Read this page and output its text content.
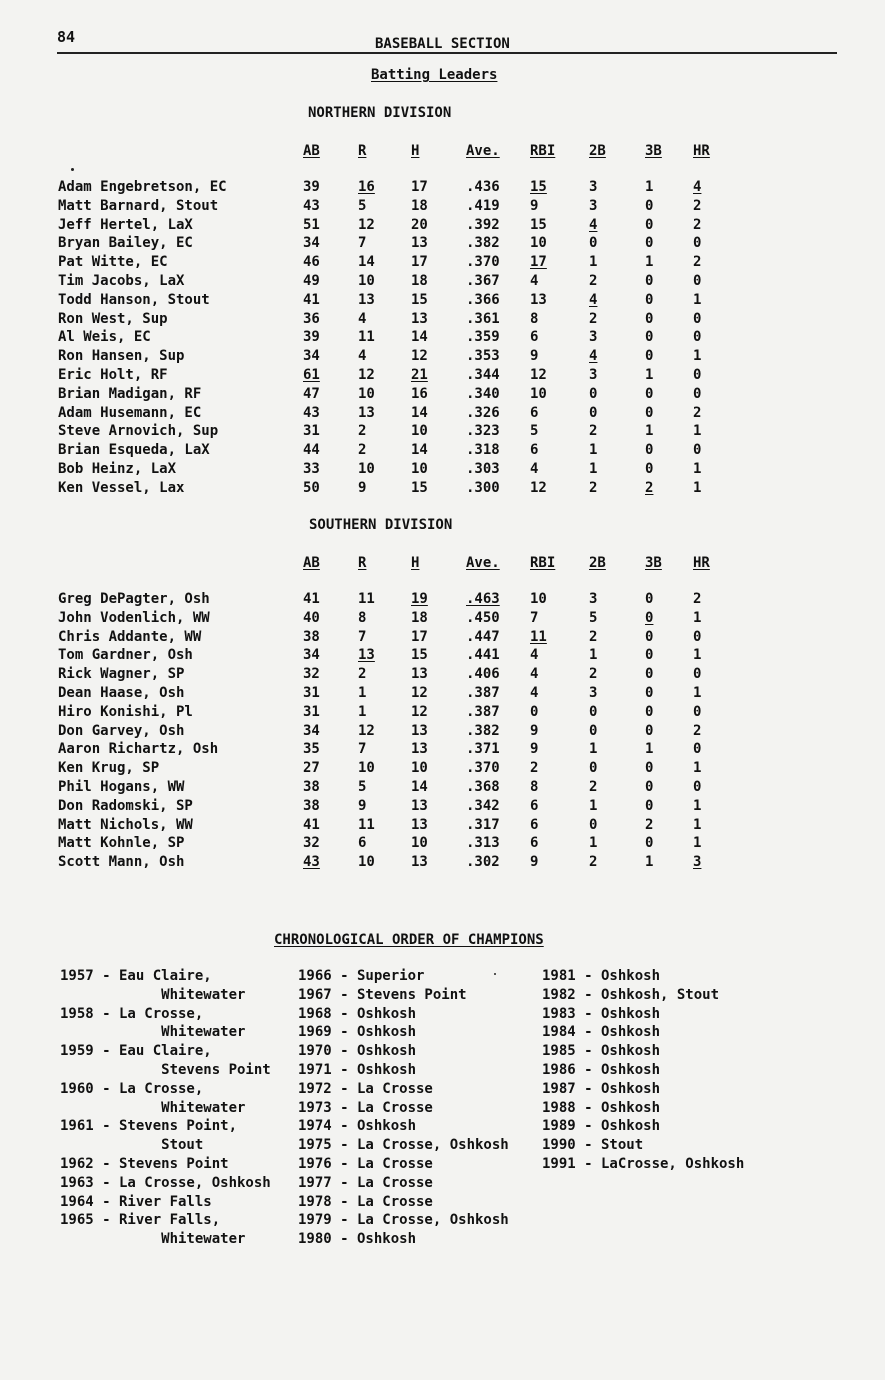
84	BASEBALL SECTION
Batting Leaders
NORTHERN DIVISION
AB	R	H	Ave. RBI 2B	3B HR
Adam Engebretson, EC	39	16	17	.436 15	3	1	4
Matt Barnard, Stout	43	5	18	.419 9	3	0	2
Jeff Hertel, LaX	51	12	20	.392 15	4	0	2
Bryan Bailey, EC	34	7	13	.382 10	0	0	0
Pat Witte, EC	46	14	17	.370 17	1	1	2
Tim Jacobs, LaX	49	10	18	.367 4	2	0	0
Todd Hanson, Stout	41	13	15	.366 13	4	0	1
Ron West, Sup	36	4	13	.361 8	2	0	0
Al Weis, EC	39	11	14	.359 6	3	0	0
Ron Hansen, Sup	34	4	12	.353 9	4	0	1
Eric Holt, RF	61	12	21	.344 12	3	1	0
Brian Madigan, RF	47	10	16	.340 10	0	0	0
Adam Husemann, EC	43	13	14	.326 6	0	0	2
Steve Arnovich, Sup	31	2	10	.323 5	2	1	1
Brian Esqueda, LaX	44	2	14	.318 6	1	0	0
Bob Heinz, LaX	33	10	10	.303 4	1	0	1
Ken Vessel, Lax	50	9	15	.300 12	2	2	1
SOUTHERN DIVISION
AB	R	H	Ave. RBI 2B	3B HR
Greg DePagter, Osh	41	11	19	.463 10	3	0	2
John Vodenlich, WW	40	8	18	.450 7	5	0	1
Chris Addante, WW	38	7	17	.447 11	2	0	0
Tom Gardner, Osh	34	13	15	.441 4	1	0	1
Rick Wagner, SP	32	2	13	.406 4	2	0	0
Dean Haase, Osh	31	1	12	.387 4	3	0	1
Hiro Konishi, Pl	31	1	12	.387 0	0	0	0
Don Garvey, Osh	34	12	13	.382 9	0	0	2
Aaron Richartz, Osh	35	7	13	.371 9	1	1	0
Ken Krug, SP	27	10	10	.370 2	0	0	1
Phil Hogans, WW	38	5	14	.368 8	2	0	0
Don Radomski, SP	38	9	13	.342 6	1	0	1
Matt Nichols, WW	41	11	13	.317 6	0	2	1
Matt Kohnle, SP	32	6	10	.313 6	1	0	1
Scott Mann, Osh	43	10	13	.302 9	2	1	3
CHRONOLOGICAL ORDER OF CHAMPIONS
1957 - Eau Claire,
Whitewater
1958 - La Crosse,
Whitewater
1959 - Eau Claire,
Stevens Point
1960 - La Crosse,
Whitewater
1961 - Stevens Point,
Stout
1962 - Stevens Point
1963 - La Crosse, Oshkosh
1964 - River Falls
1965 - River Falls,
Whitewater
1966 - Superior
1967 - Stevens Point
1968 - Oshkosh
1969 - Oshkosh
1970 - Oshkosh
1971 - Oshkosh
1972 - La Crosse
1973 - La Crosse
1974 - Oshkosh
1975 - La Crosse, Oshkosh
1976 - La Crosse
1977 - La Crosse
1978 - La Crosse
1979 - La Crosse, Oshkosh
1980 - Oshkosh
1981 - Oshkosh
1982 - Oshkosh, Stout
1983 - Oshkosh
1984 - Oshkosh
1985 - Oshkosh
1986 - Oshkosh
1987 - Oshkosh
1988 - Oshkosh
1989 - Oshkosh
1990 - Stout
1991 - LaCrosse, Oshkosh
